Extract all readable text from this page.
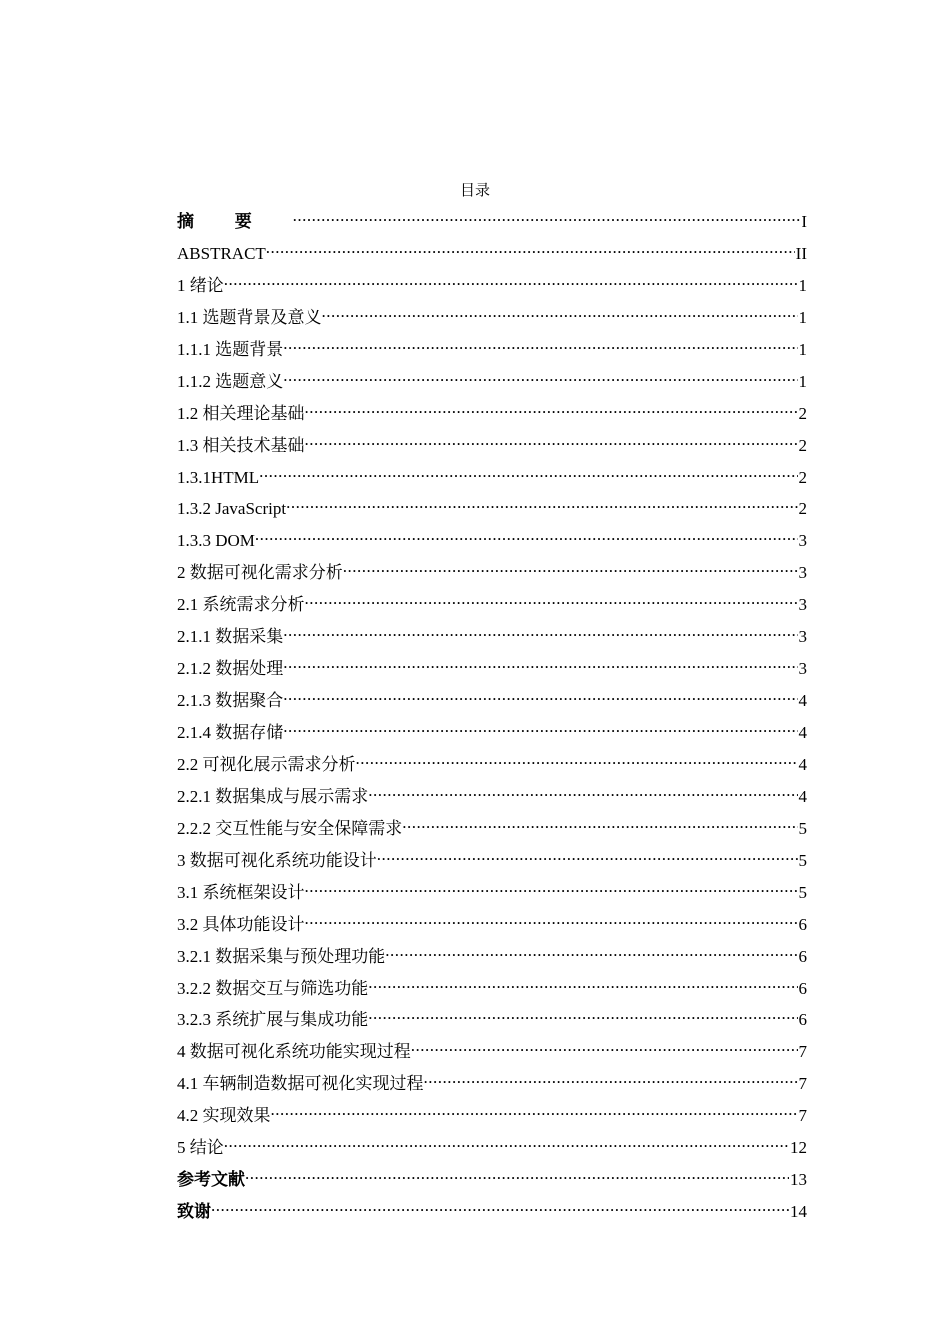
目录
摘要 .....	I
ABSTRACT .....	II
1 绪论 .....	1
1.1 选题背景及意义 .....	1
1.1.1 选题背景 .....	1
1.1.2 选题意义 .....	1
1.2 相关理论基础 .....	2
1.3 相关技术基础 .....	2
1.3.1HTML .....	2
1.3.2 JavaScript .....	2
1.3.3 DOM .....	3
2 数据可视化需求分析 .....	3
2.1 系统需求分析 .....	3
2.1.1 数据采集 .....	3
2.1.2 数据处理 .....	3
2.1.3 数据聚合 .....	4
2.1.4 数据存储 .....	4
2.2 可视化展示需求分析 .....	4
2.2.1 数据集成与展示需求 .....	4
2.2.2 交互性能与安全保障需求 .....	5
3 数据可视化系统功能设计 .....	5
3.1 系统框架设计 .....	5
3.2 具体功能设计 .....	6
3.2.1 数据采集与预处理功能 .....	6
3.2.2 数据交互与筛选功能 .....	6
3.2.3 系统扩展与集成功能 .....	6
4 数据可视化系统功能实现过程 .....	7
4.1 车辆制造数据可视化实现过程 .....	7
4.2 实现效果 .....	7
5 结论 .....	12
参考文献 .....	13
致谢 .....	14
